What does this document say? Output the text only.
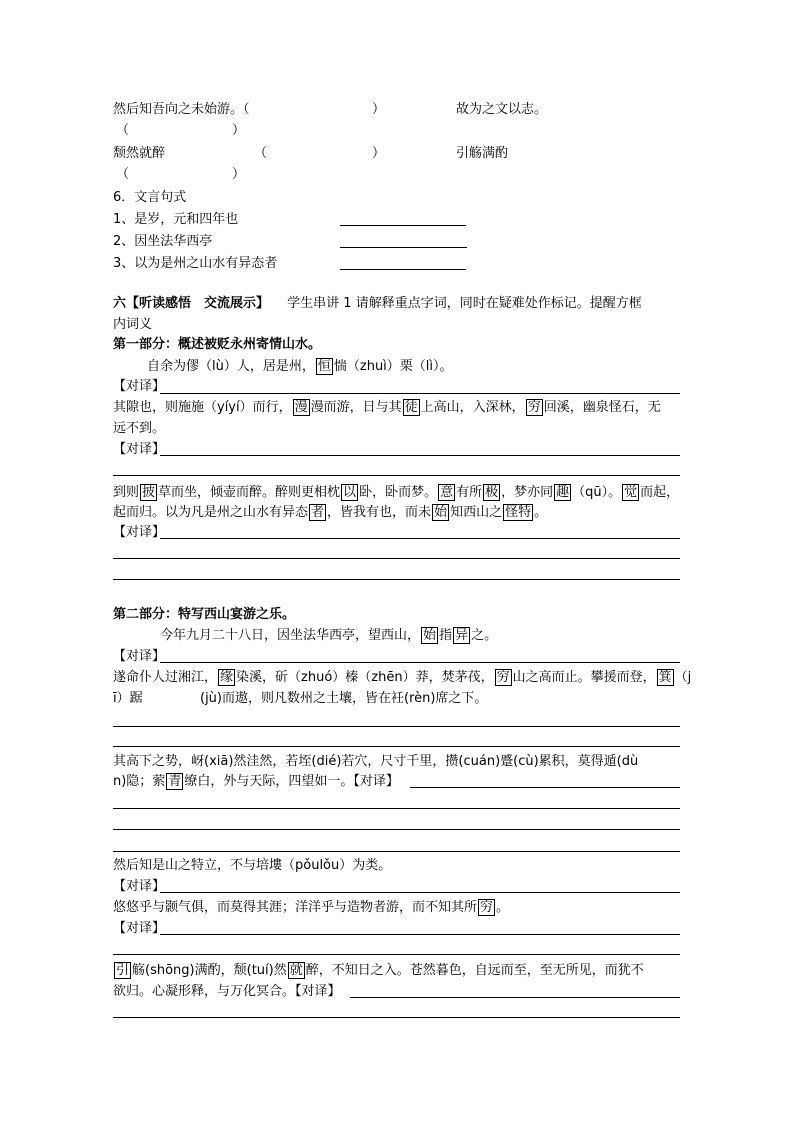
然后知吾向之未始游。（	）	故为之文以志。
（	）
颓然就醉	（	）	引觞满酌
（	）
6．文言句式
1、是岁，元和四年也
2、因坐法华西亭
3、以为是州之山水有异态者
六【听读感悟　交流展示】 学生串讲 1 请解释重点字词，同时在疑难处作标记。提醒方框
内词义
第一部分：概述被贬永州寄情山水。
自余为僇（lù）人，居是州， 恒 惴（zhuì）栗（lì）。
【对译】
其隙也，则施施（yíyí）而行， 漫 漫而游，日与其 徒 上高山，入深林， 穷 回溪，幽泉怪石，无
远不到。
【对译】
到则 披 草而坐，倾壶而醉。醉则更相枕 以 卧，卧而梦。 意 有所 极 ，梦亦同 趣 （qū）。 觉 而起，
起而归。以为凡是州之山水有异态 者 ，皆我有也，而未 始 知西山之 怪特 。
【对译】
第二部分：特写西山宴游之乐。
今年九月二十八日，因坐法华西亭，望西山， 始 指 异 之。
【对译】
遂命仆人过湘江， 缘 染溪，斫（zhuó）榛（zhēn）莽，焚茅茷， 穷 山之高而止。攀援而登， 箕 （j
ī）踞	(jù)而遨，则凡数州之土壤，皆在衽(rèn)席之下。
其高下之势，岈(xiā)然洼然，若垤(dié)若穴，尺寸千里，攒(cuán)蹙(cù)累积，莫得遁(dù
n)隐；萦 青 缭白，外与天际，四望如一。【对译】
然后知是山之特立，不与培塿（pǒulǒu）为类。
【对译】
悠悠乎与颢气俱，而莫得其涯；洋洋乎与造物者游，而不知其所 穷 。
【对译】
引 觞(shōng)满酌，颓(tuí)然 就 醉，不知日之入。苍然暮色，自远而至，至无所见，而犹不
欲归。心凝形释，与万化冥合。【对译】
